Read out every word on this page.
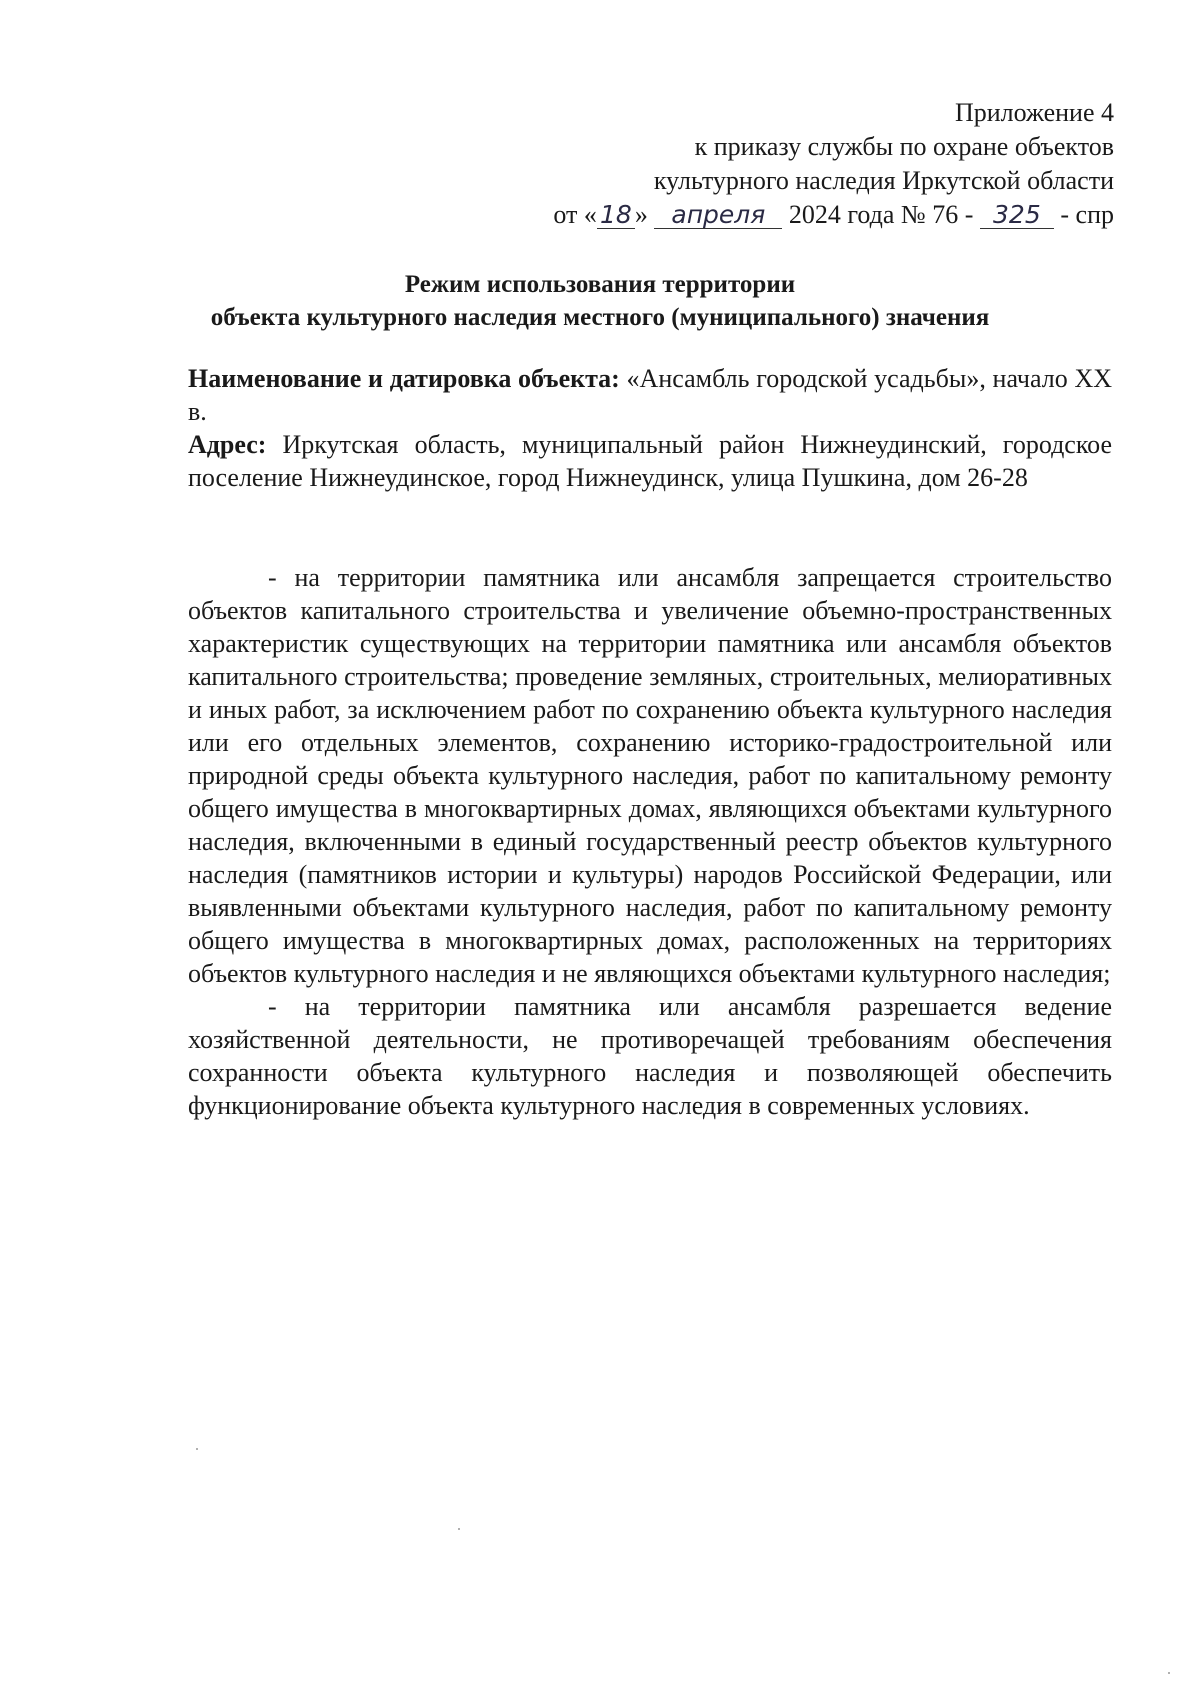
Приложение 4
к приказу службы по охране объектов
культурного наследия Иркутской области
от « 18 » апреля 2024 года № 76 - 325 - спр
Режим использования территории
объекта культурного наследия местного (муниципального) значения

Наименование и датировка объекта: «Ансамбль городской усадьбы», начало XX в.

Адрес: Иркутская область, муниципальный район Нижнеудинский, городское поселение Нижнеудинское, город Нижнеудинск, улица Пушкина, дом 26-28

- на территории памятника или ансамбля запрещается строительство объектов капитального строительства и увеличение объемно-пространственных характеристик существующих на территории памятника или ансамбля объектов капитального строительства; проведение земляных, строительных, мелиоративных и иных работ, за исключением работ по сохранению объекта культурного наследия или его отдельных элементов, сохранению историко-градостроительной или природной среды объекта культурного наследия, работ по капитальному ремонту общего имущества в многоквартирных домах, являющихся объектами культурного наследия, включенными в единый государственный реестр объектов культурного наследия (памятников истории и культуры) народов Российской Федерации, или выявленными объектами культурного наследия, работ по капитальному ремонту общего имущества в многоквартирных домах, расположенных на территориях объектов культурного наследия и не являющихся объектами культурного наследия;

- на территории памятника или ансамбля разрешается ведение хозяйственной деятельности, не противоречащей требованиям обеспечения сохранности объекта культурного наследия и позволяющей обеспечить функционирование объекта культурного наследия в современных условиях.
